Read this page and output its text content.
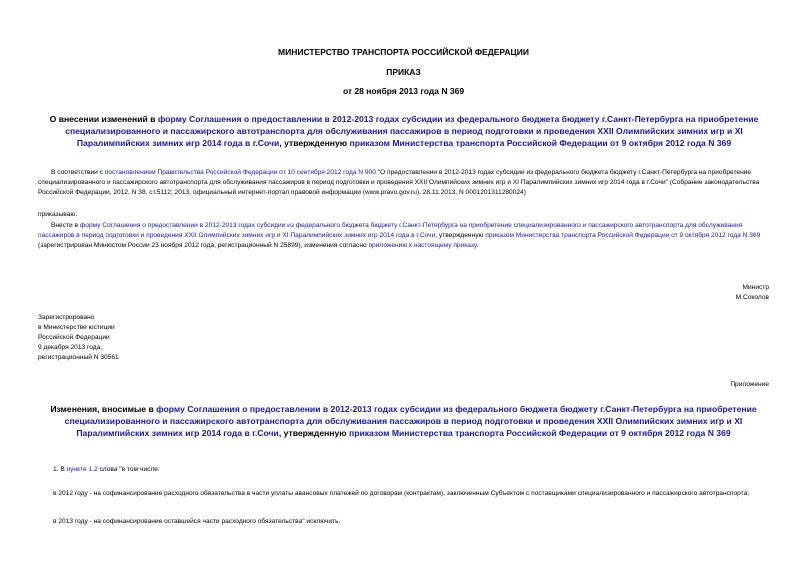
МИНИСТЕРСТВО ТРАНСПОРТА РОССИЙСКОЙ ФЕДЕРАЦИИ
ПРИКАЗ
от 28 ноября 2013 года N 369
О внесении изменений в форму Соглашения о предоставлении в 2012-2013 годах субсидии из федерального бюджета бюджету г.Санкт-Петербурга на приобретение специализированного и пассажирского автотранспорта для обслуживания пассажиров в период подготовки и проведения XXII Олимпийских зимних игр и XI Паралимпийских зимних игр 2014 года в г.Сочи, утвержденную приказом Министерства транспорта Российской Федерации от 9 октября 2012 года N 369
В соответствии с постановлением Правительства Российской Федерации от 10 сентября 2012 года N 900 "О предоставлении в 2012-2013 годах субсидии из федерального бюджета бюджету г.Санкт-Петербурга на приобретение специализированного и пассажирского автотранспорта для обслуживания пассажиров в период подготовки и проведения XXII Олимпийских зимних игр и XI Паралимпийских зимних игр 2014 года в г.Сочи" (Собрание законодательства Российской Федерации, 2012, N 38, ст.5112; 2013, официальный интернет-портал правовой информации (www.pravo.gov.ru), 28.11.2013, N 0001201311280024)
приказываю:
Внести в форму Соглашения о предоставлении в 2012-2013 годах субсидии из федерального бюджета бюджету г.Санкт-Петербурга на приобретение специализированного и пассажирского автотранспорта для обслуживания пассажиров в период подготовки и проведения XXII Олимпийских зимних игр и XI Паралимпийских зимних игр 2014 года в г.Сочи, утвержденную приказом Министерства транспорта Российской Федерации от 9 октября 2012 года N 369 (зарегистрирован Минюстом России 23 ноября 2012 года, регистрационный N 25899), изменения согласно приложению к настоящему приказу.
Министр
М.Соколов
Зарегистрировано
в Министерстве юстиции
Российской Федерации
9 декабря 2013 года,
регистрационный N 30561
Приложение
Изменения, вносимые в форму Соглашения о предоставлении в 2012-2013 годах субсидии из федерального бюджета бюджету г.Санкт-Петербурга на приобретение специализированного и пассажирского автотранспорта для обслуживания пассажиров в период подготовки и проведения XXII Олимпийских зимних игр и XI Паралимпийских зимних игр 2014 года в г.Сочи, утвержденную приказом Министерства транспорта Российской Федерации от 9 октября 2012 года N 369
1. В пункте 1.2 слова "в том числе:
в 2012 году - на софинансирование расходного обязательства в части уплаты авансовых платежей по договорам (контрактам), заключенным Субъектом с поставщиками специализированного и пассажирского автотранспорта;
в 2013 году - на софинансирование оставшейся части расходного обязательства" исключить.
